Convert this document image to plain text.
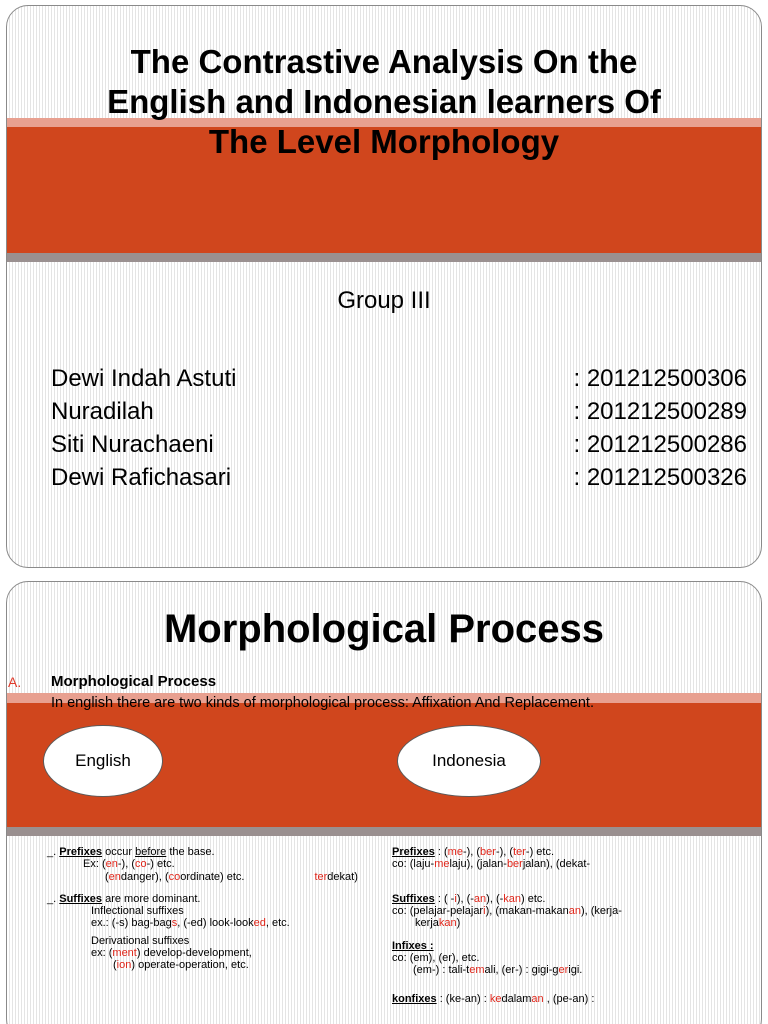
The Contrastive Analysis On the
English and Indonesian learners Of
The Level Morphology
Group III
Dewi Indah Astuti	: 201212500306
Nuradilah	: 201212500289
Siti Nurachaeni	: 201212500286
Dewi Rafichasari	: 201212500326
Morphological Process
A. Morphological Process
In english there are two kinds of morphological process: Affixation And Replacement.
English	Indonesia

_. Prefixes occur before the base.

Ex: (en-), (co-) etc.

(endanger), (coordinate) etc.	terdekat)

_. Suffixes are more dominant.

Inflectional suffixes

ex.: (-s) bag-bags, (-ed) look-looked, etc.

Derivational suffixes

ex: (ment) develop-development,

(ion) operate-operation, etc.

Prefixes : (me-), (ber-), (ter-) etc.

co: (laju-melaju), (jalan-berjalan), (dekat-

Suffixes : ( -i), (-an), (-kan) etc.

co: (pelajar-pelajari), (makan-makanan), (kerja-

kerjakan)

Infixes :

co: (em), (er), etc.

(em-) : tali-temali, (er-) : gigi-gerigi.

konfixes : (ke-an) : kedalaman , (pe-an) :
